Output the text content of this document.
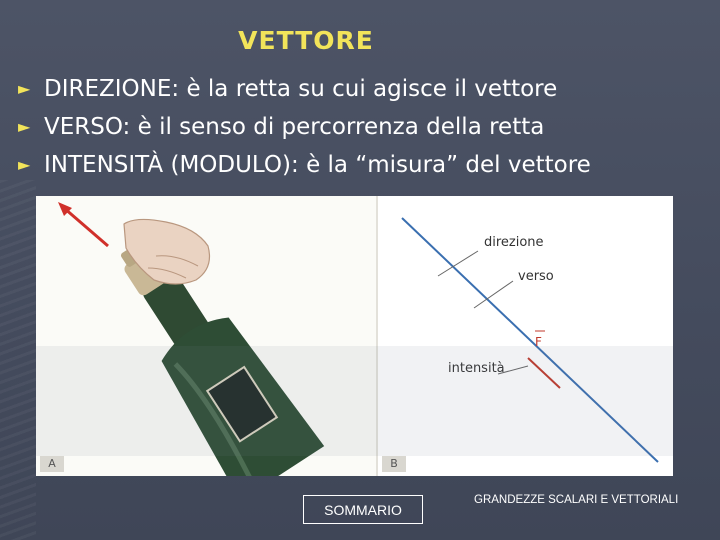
VETTORE
► DIREZIONE: è la retta su cui agisce il vettore
► VERSO: è il senso di percorrenza della retta
► INTENSITÀ (MODULO): è la “misura” del vettore
direzione
verso
F
intensità
A	B
SOMMARIO
GRANDEZZE SCALARI E VETTORIALI
